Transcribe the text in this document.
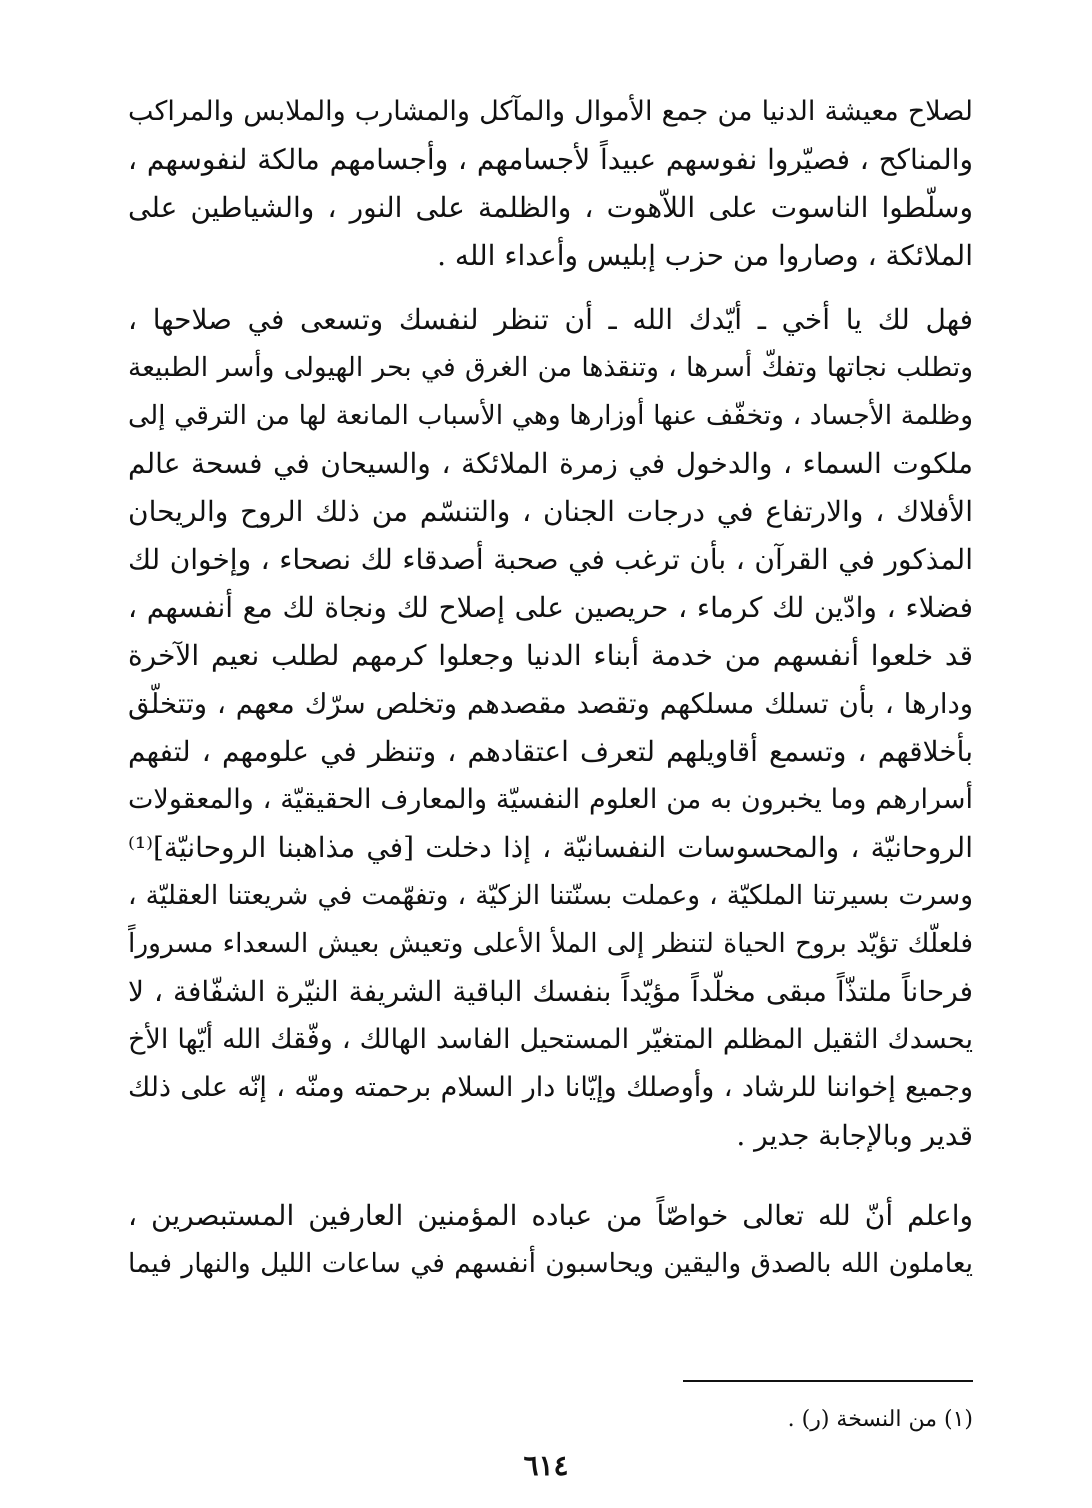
لصلاح معيشة الدنيا من جمع الأموال والمآكل والمشارب والملابس والمراكب
والمناكح ، فصيّروا نفوسهم عبيداً لأجسامهم ، وأجسامهم مالكة لنفوسهم ،
وسلّطوا الناسوت على اللاّهوت ، والظلمة على النور ، والشياطين على
الملائكة ، وصاروا من حزب إبليس وأعداء الله .
فهل لك يا أخي ـ أيّدك الله ـ أن تنظر لنفسك وتسعى في صلاحها ،
وتطلب نجاتها وتفكّ أسرها ، وتنقذها من الغرق في بحر الهيولى وأسر الطبيعة
وظلمة الأجساد ، وتخفّف عنها أوزارها وهي الأسباب المانعة لها من الترقي إلى
ملكوت السماء ، والدخول في زمرة الملائكة ، والسيحان في فسحة عالم
الأفلاك ، والارتفاع في درجات الجنان ، والتنسّم من ذلك الروح والريحان
المذكور في القرآن ، بأن ترغب في صحبة أصدقاء لك نصحاء ، وإخوان لك
فضلاء ، وادّين لك كرماء ، حريصين على إصلاح لك ونجاة لك مع أنفسهم ،
قد خلعوا أنفسهم من خدمة أبناء الدنيا وجعلوا كرمهم لطلب نعيم الآخرة
ودارها ، بأن تسلك مسلكهم وتقصد مقصدهم وتخلص سرّك معهم ، وتتخلّق
بأخلاقهم ، وتسمع أقاويلهم لتعرف اعتقادهم ، وتنظر في علومهم ، لتفهم
أسرارهم وما يخبرون به من العلوم النفسيّة والمعارف الحقيقيّة ، والمعقولات
الروحانيّة ، والمحسوسات النفسانيّة ، إذا دخلت [في مذاهبنا الروحانيّة]⁽¹⁾
وسرت بسيرتنا الملكيّة ، وعملت بسنّتنا الزكيّة ، وتفهّمت في شريعتنا العقليّة ،
فلعلّك تؤيّد بروح الحياة لتنظر إلى الملأ الأعلى وتعيش بعيش السعداء مسروراً
فرحاناً ملتذّاً مبقى مخلّداً مؤيّداً بنفسك الباقية الشريفة النيّرة الشفّافة ، لا
يحسدك الثقيل المظلم المتغيّر المستحيل الفاسد الهالك ، وفّقك الله أيّها الأخ
وجميع إخواننا للرشاد ، وأوصلك وإيّانا دار السلام برحمته ومنّه ، إنّه على ذلك
قدير وبالإجابة جدير .
واعلم أنّ لله تعالى خواصّاً من عباده المؤمنين العارفين المستبصرين ،
يعاملون الله بالصدق واليقين ويحاسبون أنفسهم في ساعات الليل والنهار فيما
(١) من النسخة (ر) .
٦١٤
